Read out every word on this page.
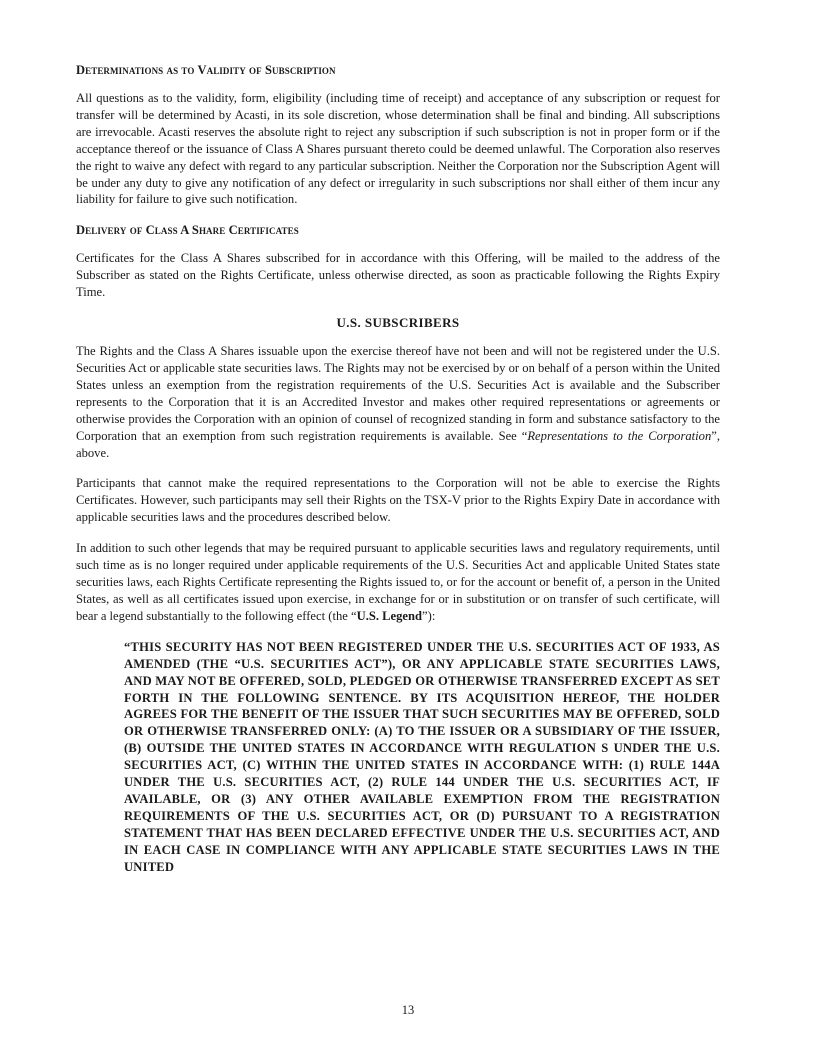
Determinations as to Validity of Subscription

All questions as to the validity, form, eligibility (including time of receipt) and acceptance of any subscription or request for transfer will be determined by Acasti, in its sole discretion, whose determination shall be final and binding. All subscriptions are irrevocable. Acasti reserves the absolute right to reject any subscription if such subscription is not in proper form or if the acceptance thereof or the issuance of Class A Shares pursuant thereto could be deemed unlawful. The Corporation also reserves the right to waive any defect with regard to any particular subscription. Neither the Corporation nor the Subscription Agent will be under any duty to give any notification of any defect or irregularity in such subscriptions nor shall either of them incur any liability for failure to give such notification.

Delivery of Class A Share Certificates

Certificates for the Class A Shares subscribed for in accordance with this Offering, will be mailed to the address of the Subscriber as stated on the Rights Certificate, unless otherwise directed, as soon as practicable following the Rights Expiry Time.

U.S. SUBSCRIBERS

The Rights and the Class A Shares issuable upon the exercise thereof have not been and will not be registered under the U.S. Securities Act or applicable state securities laws. The Rights may not be exercised by or on behalf of a person within the United States unless an exemption from the registration requirements of the U.S. Securities Act is available and the Subscriber represents to the Corporation that it is an Accredited Investor and makes other required representations or agreements or otherwise provides the Corporation with an opinion of counsel of recognized standing in form and substance satisfactory to the Corporation that an exemption from such registration requirements is available. See “Representations to the Corporation”, above.

Participants that cannot make the required representations to the Corporation will not be able to exercise the Rights Certificates. However, such participants may sell their Rights on the TSX-V prior to the Rights Expiry Date in accordance with applicable securities laws and the procedures described below.

In addition to such other legends that may be required pursuant to applicable securities laws and regulatory requirements, until such time as is no longer required under applicable requirements of the U.S. Securities Act and applicable United States state securities laws, each Rights Certificate representing the Rights issued to, or for the account or benefit of, a person in the United States, as well as all certificates issued upon exercise, in exchange for or in substitution or on transfer of such certificate, will bear a legend substantially to the following effect (the “U.S. Legend”):

“THIS SECURITY HAS NOT BEEN REGISTERED UNDER THE U.S. SECURITIES ACT OF 1933, AS AMENDED (THE “U.S. SECURITIES ACT”), OR ANY APPLICABLE STATE SECURITIES LAWS, AND MAY NOT BE OFFERED, SOLD, PLEDGED OR OTHERWISE TRANSFERRED EXCEPT AS SET FORTH IN THE FOLLOWING SENTENCE. BY ITS ACQUISITION HEREOF, THE HOLDER AGREES FOR THE BENEFIT OF THE ISSUER THAT SUCH SECURITIES MAY BE OFFERED, SOLD OR OTHERWISE TRANSFERRED ONLY: (A) TO THE ISSUER OR A SUBSIDIARY OF THE ISSUER, (B) OUTSIDE THE UNITED STATES IN ACCORDANCE WITH REGULATION S UNDER THE U.S. SECURITIES ACT, (C) WITHIN THE UNITED STATES IN ACCORDANCE WITH: (1) RULE 144A UNDER THE U.S. SECURITIES ACT, (2) RULE 144 UNDER THE U.S. SECURITIES ACT, IF AVAILABLE, OR (3) ANY OTHER AVAILABLE EXEMPTION FROM THE REGISTRATION REQUIREMENTS OF THE U.S. SECURITIES ACT, OR (D) PURSUANT TO A REGISTRATION STATEMENT THAT HAS BEEN DECLARED EFFECTIVE UNDER THE U.S. SECURITIES ACT, AND IN EACH CASE IN COMPLIANCE WITH ANY APPLICABLE STATE SECURITIES LAWS IN THE UNITED

13
